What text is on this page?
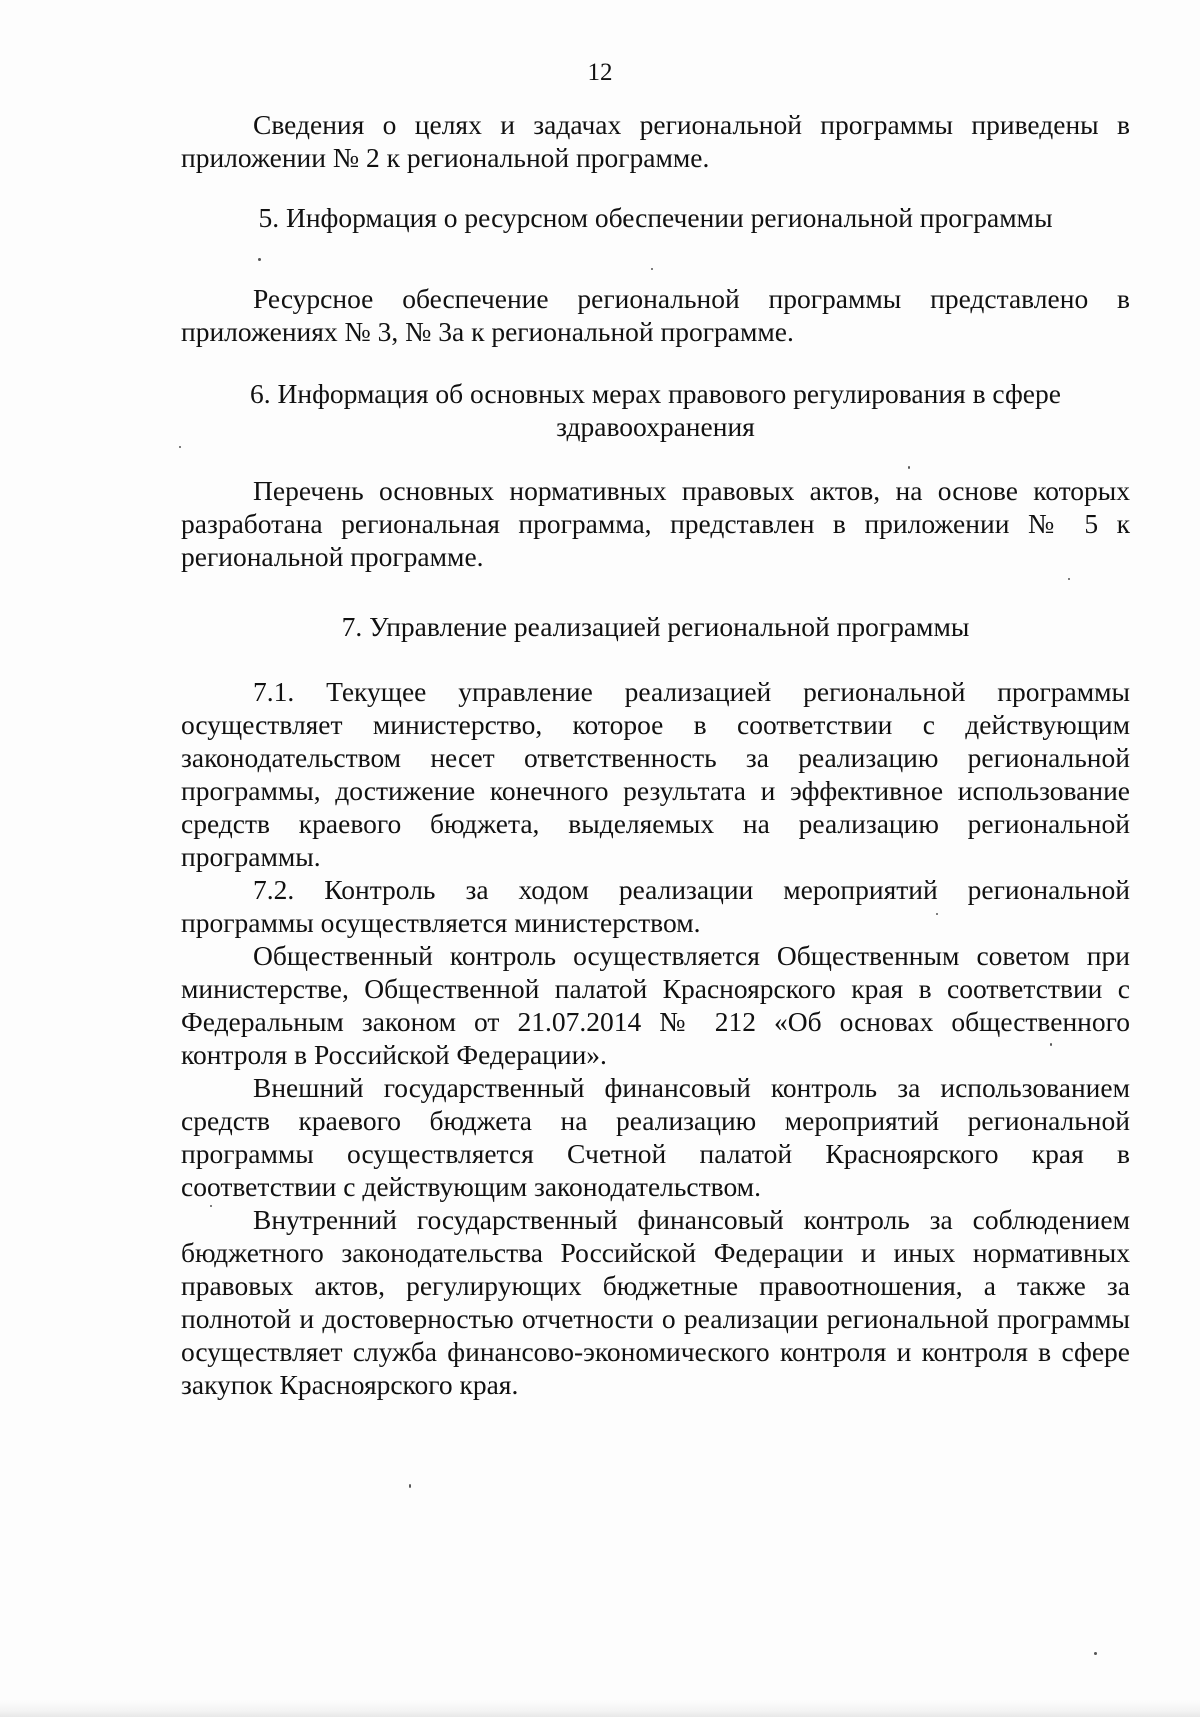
12

Сведения о целях и задачах региональной программы приведены в приложении № 2 к региональной программе.

5. Информация о ресурсном обеспечении региональной программы

Ресурсное обеспечение региональной программы представлено в приложениях № 3, № 3а к региональной программе.

6. Информация об основных мерах правового регулирования в сфере

здравоохранения

Перечень основных нормативных правовых актов, на основе которых разработана региональная программа, представлен в приложении № 5 к региональной программе.

7. Управление реализацией региональной программы

7.1. Текущее управление реализацией региональной программы осуществляет министерство, которое в соответствии с действующим законодательством несет ответственность за реализацию региональной программы, достижение конечного результата и эффективное использование средств краевого бюджета, выделяемых на реализацию региональной программы.

7.2. Контроль за ходом реализации мероприятий региональной программы осуществляется министерством.

Общественный контроль осуществляется Общественным советом при министерстве, Общественной палатой Красноярского края в соответствии с Федеральным законом от 21.07.2014 № 212 «Об основах общественного контроля в Российской Федерации».

Внешний государственный финансовый контроль за использованием средств краевого бюджета на реализацию мероприятий региональной программы осуществляется Счетной палатой Красноярского края в соответствии с действующим законодательством.

Внутренний государственный финансовый контроль за соблюдением бюджетного законодательства Российской Федерации и иных нормативных правовых актов, регулирующих бюджетные правоотношения, а также за полнотой и достоверностью отчетности о реализации региональной программы осуществляет служба финансово-экономического контроля и контроля в сфере закупок Красноярского края.
